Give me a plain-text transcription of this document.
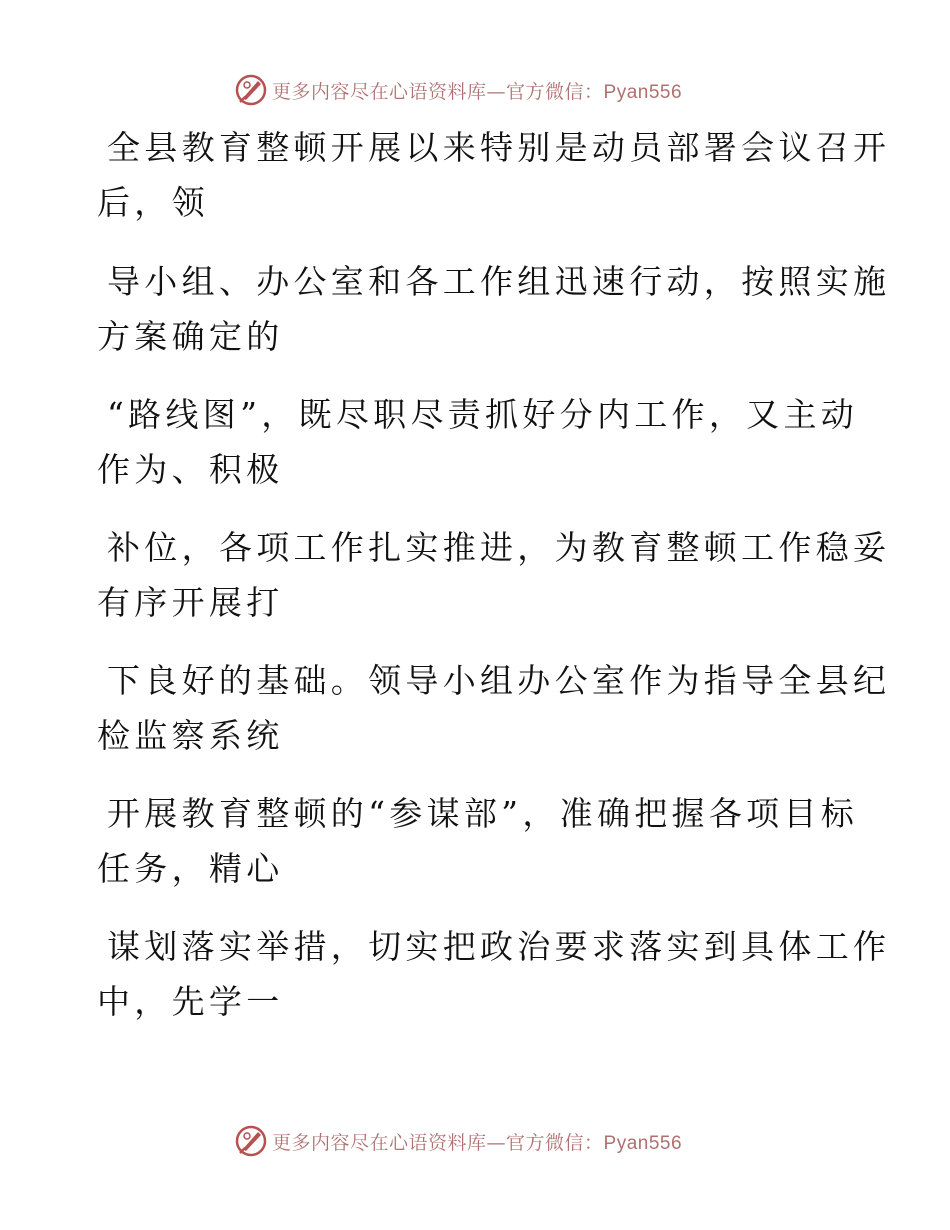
更多内容尽在心语资料库—官方微信：Pyan556
全县教育整顿开展以来特别是动员部署会议召开
后，领
导小组、办公室和各工作组迅速行动，按照实施
方案确定的
“路线图”，既尽职尽责抓好分内工作，又主动
作为、积极
补位，各项工作扎实推进，为教育整顿工作稳妥
有序开展打
下良好的基础。领导小组办公室作为指导全县纪
检监察系统
开展教育整顿的“参谋部”，准确把握各项目标
任务，精心
谋划落实举措，切实把政治要求落实到具体工作
中，先学一
更多内容尽在心语资料库—官方微信：Pyan556
